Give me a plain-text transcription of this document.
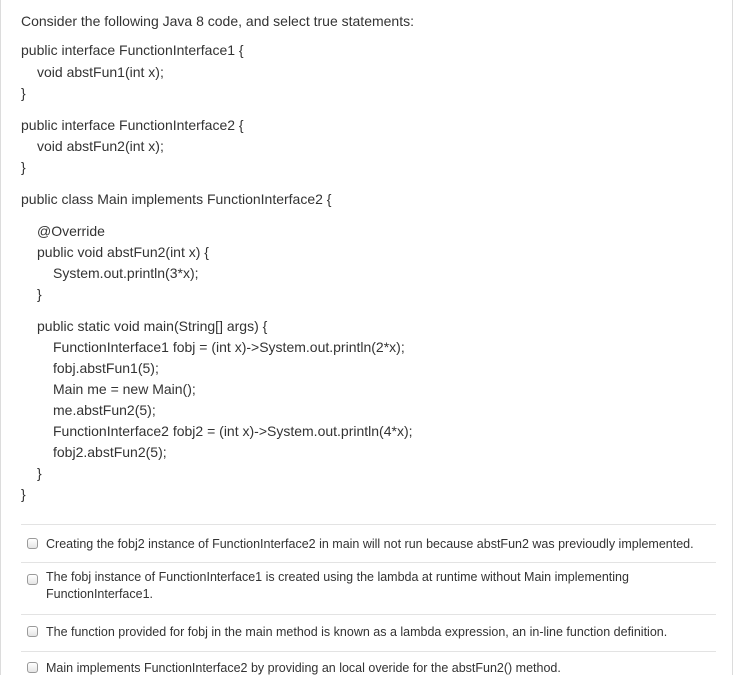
Consider the following Java 8 code, and select true statements:

public interface FunctionInterface1 {
void abstFun1(int x);
}
public interface FunctionInterface2 {
void abstFun2(int x);
}
public class Main implements FunctionInterface2 {
@Override
public void abstFun2(int x) {
System.out.println(3*x);
}
public static void main(String[] args) {
FunctionInterface1 fobj = (int x)->System.out.println(2*x);
fobj.abstFun1(5);
Main me = new Main();
me.abstFun2(5);
FunctionInterface2 fobj2 = (int x)->System.out.println(4*x);
fobj2.abstFun2(5);
}
}
Creating the fobj2 instance of FunctionInterface2 in main will not run because abstFun2 was previoudly implemented.
The fobj instance of FunctionInterface1 is created using the lambda at runtime without Main implementing FunctionInterface1.
The function provided for fobj in the main method is known as a lambda expression, an in-line function definition.
Main implements FunctionInterface2 by providing an local overide for the abstFun2() method.
